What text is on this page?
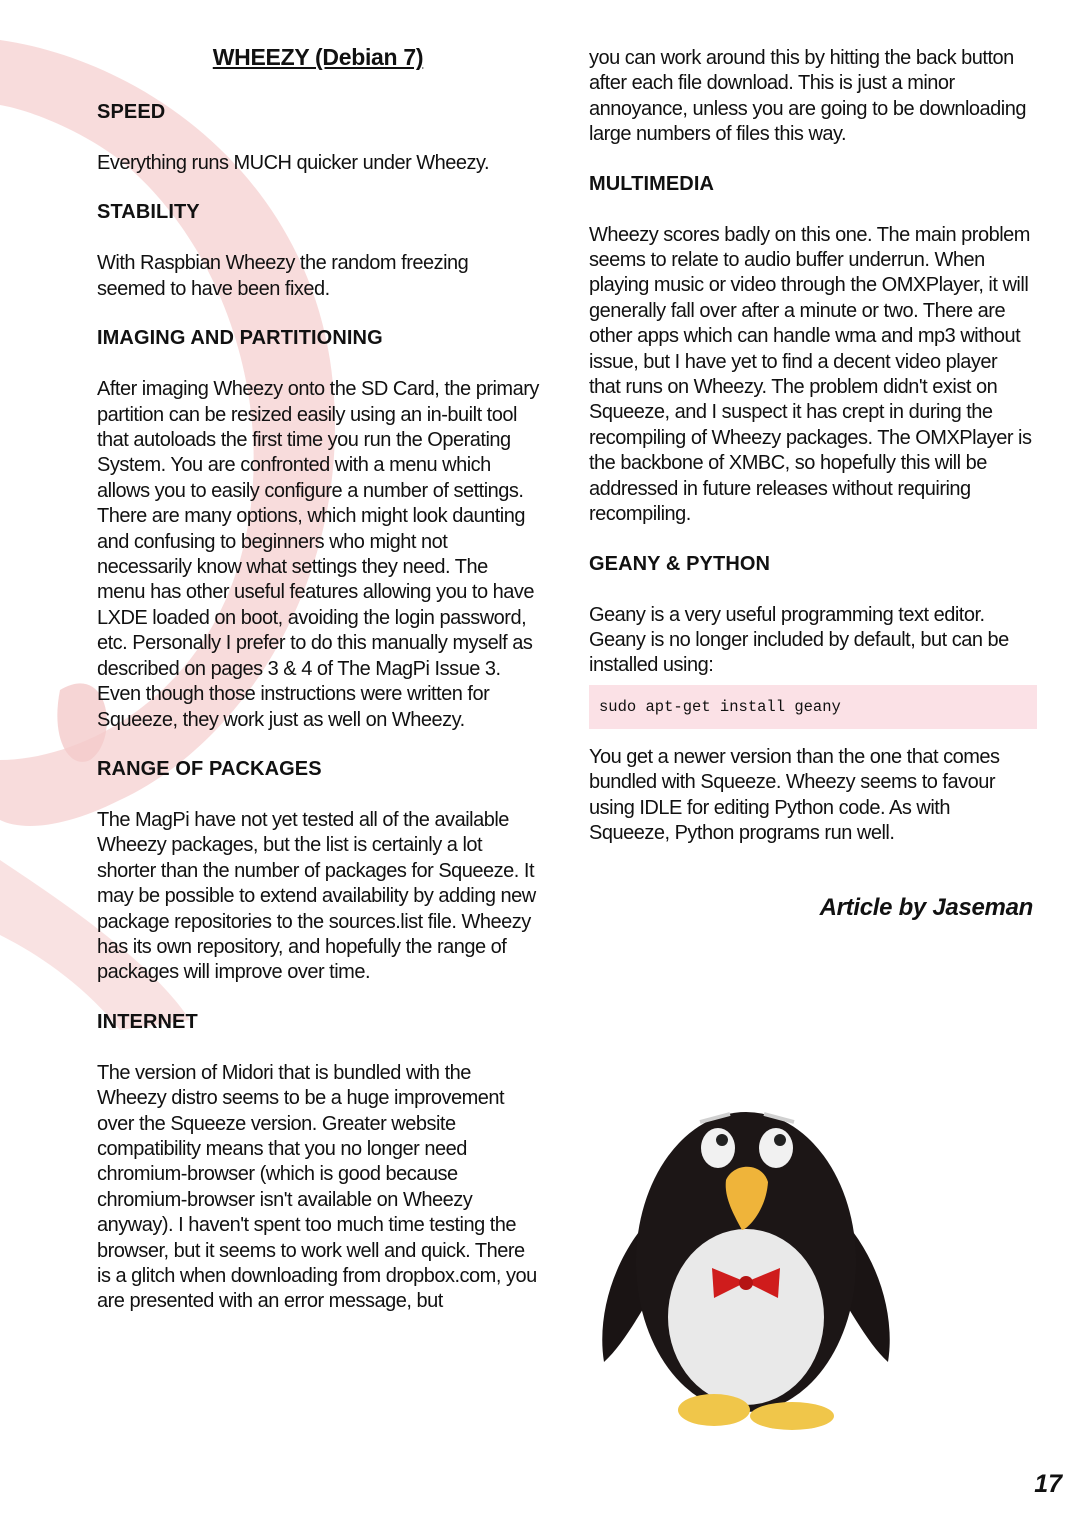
WHEEZY (Debian 7)
SPEED
Everything runs MUCH quicker under Wheezy.
STABILITY
With Raspbian Wheezy the random freezing seemed to have been fixed.
IMAGING AND PARTITIONING
After imaging Wheezy onto the SD Card, the primary partition can be resized easily using an in-built tool that autoloads the first time you run the Operating System. You are confronted with a menu which allows you to easily configure a number of settings. There are many options, which might look daunting and confusing to beginners who might not necessarily know what settings they need. The menu has other useful features allowing you to have LXDE loaded on boot, avoiding the login password, etc. Personally I prefer to do this manually myself as described on pages 3 & 4 of The MagPi Issue 3. Even though those instructions were written for Squeeze, they work just as well on Wheezy.
RANGE OF PACKAGES
The MagPi have not yet tested all of the available Wheezy packages, but the list is certainly a lot shorter than the number of packages for Squeeze. It may be possible to extend availability by adding new package repositories to the sources.list file. Wheezy has its own repository, and hopefully the range of packages will improve over time.
INTERNET
The version of Midori that is bundled with the Wheezy distro seems to be a huge improvement over the Squeeze version. Greater website compatibility means that you no longer need chromium-browser (which is good because chromium-browser isn't available on Wheezy anyway). I haven't spent too much time testing the browser, but it seems to work well and quick. There is a glitch when downloading from dropbox.com, you are presented with an error message, but
you can work around this by hitting the back button after each file download. This is just a minor annoyance, unless you are going to be downloading large numbers of files this way.
MULTIMEDIA
Wheezy scores badly on this one. The main problem seems to relate to audio buffer underrun. When playing music or video through the OMXPlayer, it will generally fall over after a minute or two. There are other apps which can handle wma and mp3 without issue, but I have yet to find a decent video player that runs on Wheezy. The problem didn't exist on Squeeze, and I suspect it has crept in during the recompiling of Wheezy packages. The OMXPlayer is the backbone of XMBC, so hopefully this will be addressed in future releases without requiring recompiling.
GEANY & PYTHON
Geany is a very useful programming text editor. Geany is no longer included by default, but can be installed using:
sudo apt-get install geany
You get a newer version than the one that comes bundled with Squeeze. Wheezy seems to favour using IDLE for editing Python code. As with Squeeze, Python programs run well.
Article by Jaseman
17
